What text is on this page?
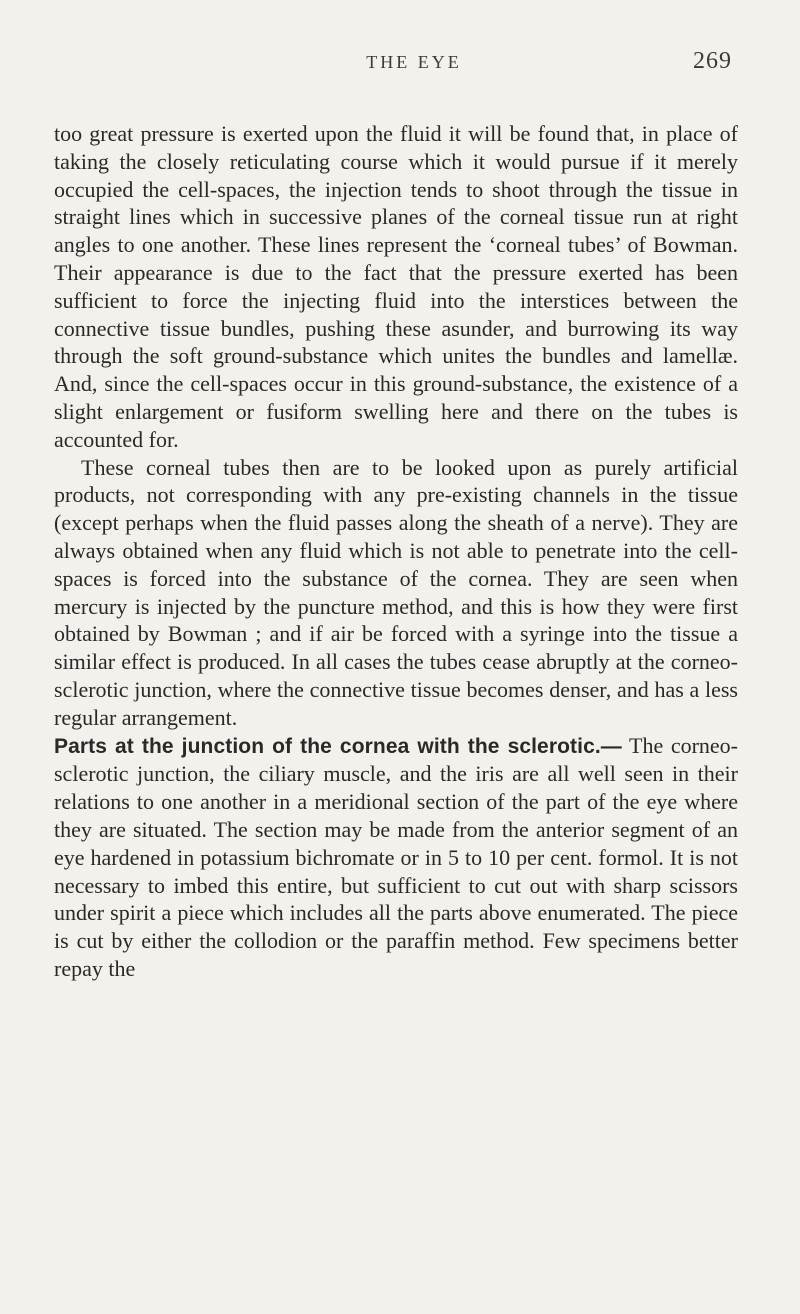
THE EYE	269

too great pressure is exerted upon the fluid it will be found that, in place of taking the closely reticulating course which it would pursue if it merely occupied the cell-spaces, the injection tends to shoot through the tissue in straight lines which in successive planes of the corneal tissue run at right angles to one another. These lines represent the ‘corneal tubes’ of Bowman. Their appearance is due to the fact that the pressure exerted has been sufficient to force the injecting fluid into the interstices between the connective tissue bundles, pushing these asunder, and burrowing its way through the soft ground-substance which unites the bundles and lamellæ. And, since the cell-spaces occur in this ground-substance, the existence of a slight enlargement or fusiform swelling here and there on the tubes is accounted for.

These corneal tubes then are to be looked upon as purely artificial products, not corresponding with any pre-existing channels in the tissue (except perhaps when the fluid passes along the sheath of a nerve). They are always obtained when any fluid which is not able to penetrate into the cell-spaces is forced into the substance of the cornea. They are seen when mercury is injected by the puncture method, and this is how they were first obtained by Bowman ; and if air be forced with a syringe into the tissue a similar effect is produced. In all cases the tubes cease abruptly at the corneo-sclerotic junction, where the connective tissue becomes denser, and has a less regular arrangement.

Parts at the junction of the cornea with the sclerotic.— The corneo-sclerotic junction, the ciliary muscle, and the iris are all well seen in their relations to one another in a meridional section of the part of the eye where they are situated. The section may be made from the anterior segment of an eye hardened in potassium bichromate or in 5 to 10 per cent. formol. It is not necessary to imbed this entire, but sufficient to cut out with sharp scissors under spirit a piece which includes all the parts above enumerated. The piece is cut by either the collodion or the paraffin method. Few specimens better repay the
